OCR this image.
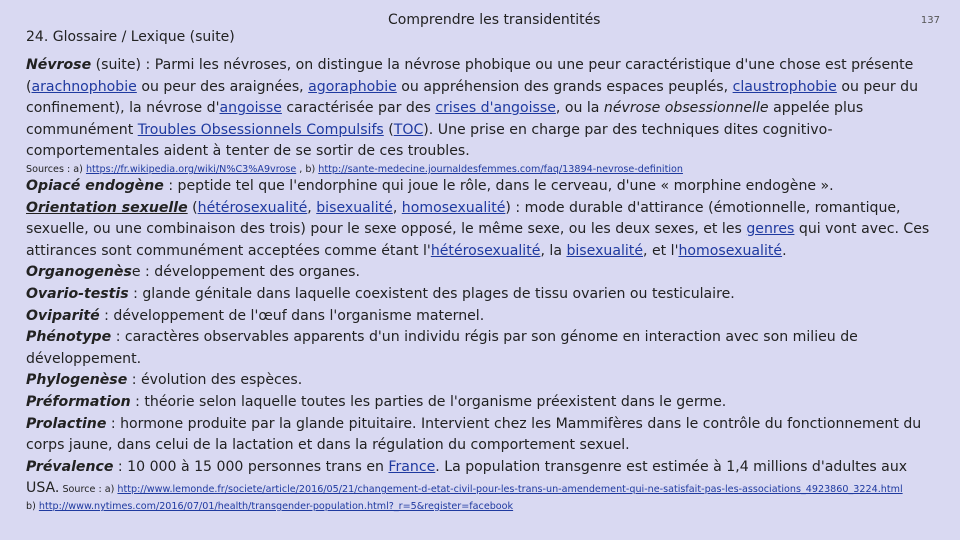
24. Glossaire / Lexique (suite)
Comprendre les transidentités	137

Névrose (suite) : Parmi les névroses, on distingue la névrose phobique ou une peur caractéristique d'une chose est présente (arachnophobie ou peur des araignées, agoraphobie ou appréhension des grands espaces peuplés, claustrophobie ou peur du confinement), la névrose d'angoisse caractérisée par des crises d'angoisse, ou la névrose obsessionnelle appelée plus communément Troubles Obsessionnels Compulsifs (TOC). Une prise en charge par des techniques dites cognitivo-comportementales aident à tenter de se sortir de ces troubles.

Sources : a) https://fr.wikipedia.org/wiki/N%C3%A9vrose , b) http://sante-medecine.journaldesfemmes.com/faq/13894-nevrose-definition

Opiacé endogène : peptide tel que l'endorphine qui joue le rôle, dans le cerveau, d'une « morphine endogène ».

Orientation sexuelle (hétérosexualité, bisexualité, homosexualité) : mode durable d'attirance (émotionnelle, romantique, sexuelle, ou une combinaison des trois) pour le sexe opposé, le même sexe, ou les deux sexes, et les genres qui vont avec. Ces attirances sont communément acceptées comme étant l'hétérosexualité, la bisexualité, et l'homosexualité.

Organogenèse : développement des organes.

Ovario-testis : glande génitale dans laquelle coexistent des plages de tissu ovarien ou testiculaire.

Oviparité : développement de l'œuf dans l'organisme maternel.

Phénotype : caractères observables apparents d'un individu régis par son génome en interaction avec son milieu de développement.

Phylogenèse : évolution des espèces.

Préformation : théorie selon laquelle toutes les parties de l'organisme préexistent dans le germe.

Prolactine : hormone produite par la glande pituitaire. Intervient chez les Mammifères dans le contrôle du fonctionnement du corps jaune, dans celui de la lactation et dans la régulation du comportement sexuel.

Prévalence : 10 000 à 15 000 personnes trans en France. La population transgenre est estimée à 1,4 millions d'adultes aux USA. Source : a) http://www.lemonde.fr/societe/article/2016/05/21/changement-d-etat-civil-pour-les-trans-un-amendement-qui-ne-satisfait-pas-les-associations_4923860_3224.html

b) http://www.nytimes.com/2016/07/01/health/transgender-population.html?_r=5&register=facebook
